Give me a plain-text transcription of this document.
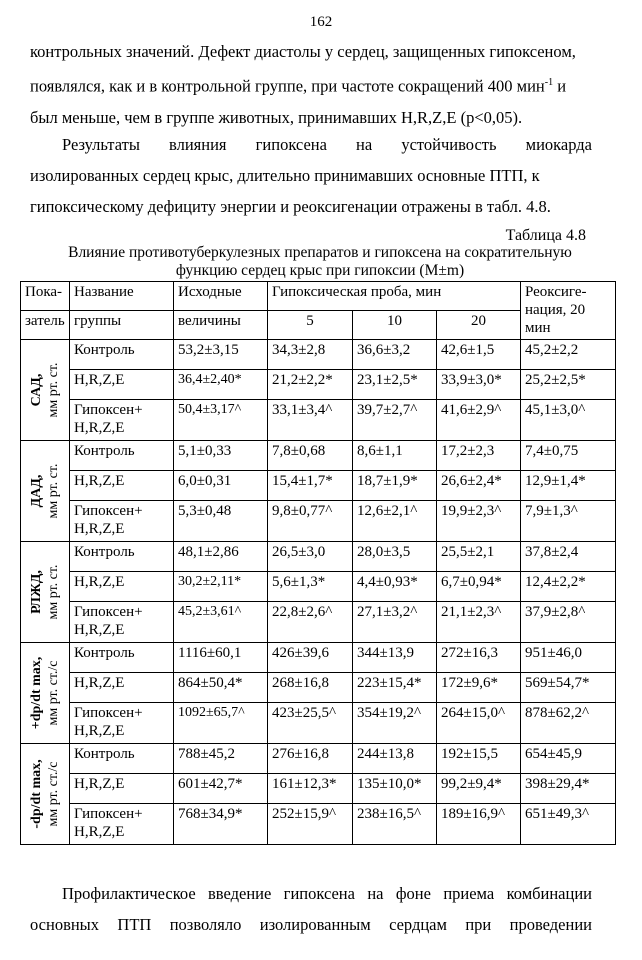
162
контрольных значений. Дефект диастолы у сердец, защищенных гипоксеном,
появлялся, как и в контрольной группе, при частоте сокращений 400 мин$^{-1}$ и
был меньше, чем в группе животных, принимавших H,R,Z,E (p<0,05).
Результаты влияния гипоксена на устойчивость миокарда
изолированных сердец крыс, длительно принимавших основные ПТП, к
гипоксическому дефициту энергии и реоксигенации отражены в табл. 4.8.
Таблица 4.8
Влияние противотуберкулезных препаратов и гипоксена на сократительную
функцию сердец крыс при гипоксии (M±m)
Пока-	Название	Исходные	Гипоксическая проба, мин			Реоксиге-нация, 20 мин
затель	группы	величины	5	10	20	

САД, мм рт. ст.	Контроль	53,2±3,15	34,3±2,8	36,6±3,2	42,6±1,5	45,2±2,2
	H,R,Z,E	36,4±2,40*	21,2±2,2*	23,1±2,5*	33,9±3,0*	25,2±2,5*
	Гипоксен+ H,R,Z,E	50,4±3,17^	33,1±3,4^	39,7±2,7^	41,6±2,9^	45,1±3,0^

ДАД, мм рт. ст.	Контроль	5,1±0,33	7,8±0,68	8,6±1,1	17,2±2,3	7,4±0,75
	H,R,Z,E	6,0±0,31	15,4±1,7*	18,7±1,9*	26,6±2,4*	12,9±1,4*
	Гипоксен+ H,R,Z,E	5,3±0,48	9,8±0,77^	12,6±2,1^	19,9±2,3^	7,9±1,3^

РЛЖД, мм рт. ст.	Контроль	48,1±2,86	26,5±3,0	28,0±3,5	25,5±2,1	37,8±2,4
	H,R,Z,E	30,2±2,11*	5,6±1,3*	4,4±0,93*	6,7±0,94*	12,4±2,2*
	Гипоксен+ H,R,Z,E	45,2±3,61^	22,8±2,6^	27,1±3,2^	21,1±2,3^	37,9±2,8^

+dp/dt max, мм рт. ст./с	Контроль	1116±60,1	426±39,6	344±13,9	272±16,3	951±46,0
	H,R,Z,E	864±50,4*	268±16,8	223±15,4*	172±9,6*	569±54,7*
	Гипоксен+ H,R,Z,E	1092±65,7^	423±25,5^	354±19,2^	264±15,0^	878±62,2^

-dp/dt max, мм рт. ст./с	Контроль	788±45,2	276±16,8	244±13,8	192±15,5	654±45,9
	H,R,Z,E	601±42,7*	161±12,3*	135±10,0*	99,2±9,4*	398±29,4*
	Гипоксен+ H,R,Z,E	768±34,9*	252±15,9^	238±16,5^	189±16,9^	651±49,3^
Профилактическое введение гипоксена на фоне приема комбинации
основных ПТП позволяло изолированным сердцам при проведении
